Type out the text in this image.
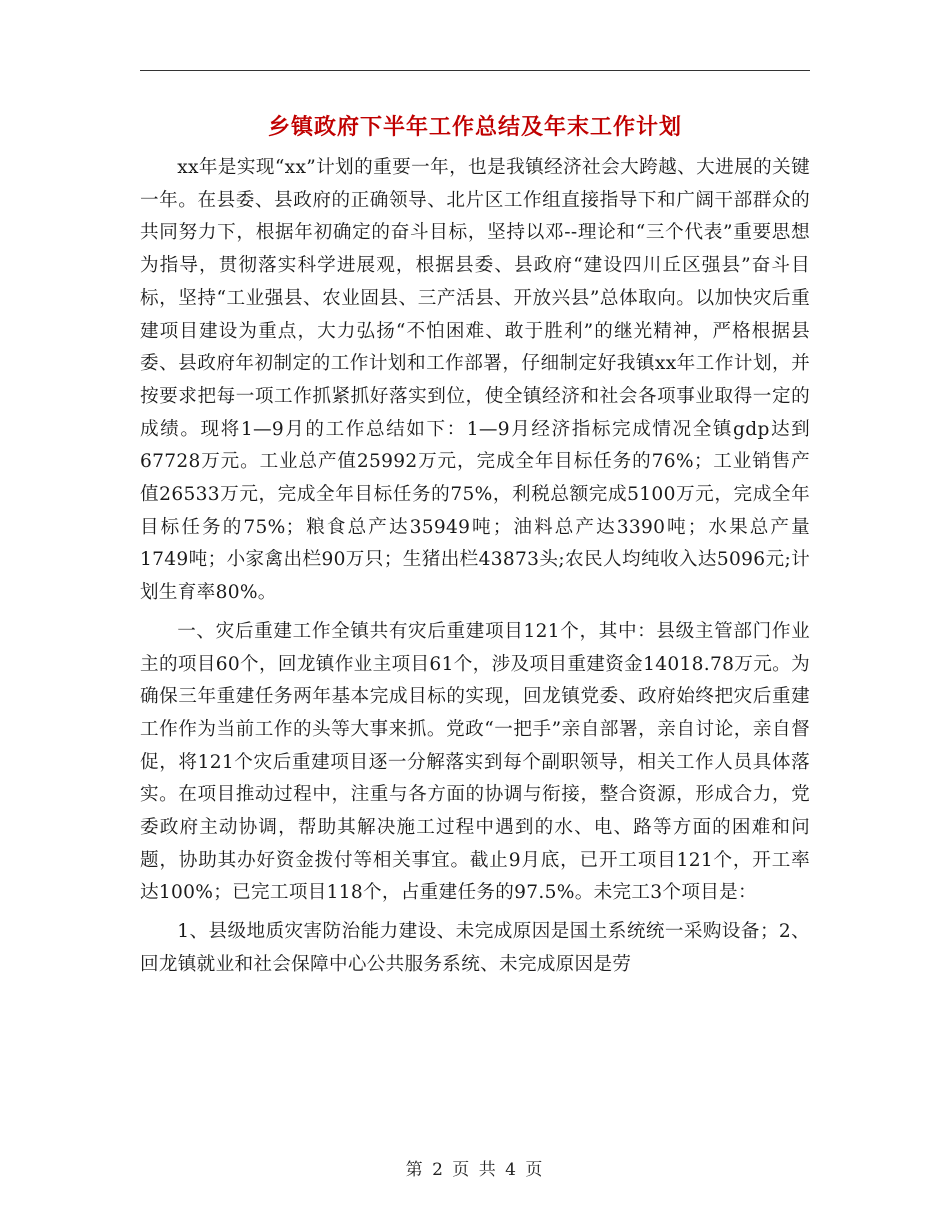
乡镇政府下半年工作总结及年末工作计划

xx年是实现“xx”计划的重要一年，也是我镇经济社会大跨越、大进展的关键一年。在县委、县政府的正确领导、北片区工作组直接指导下和广阔干部群众的共同努力下，根据年初确定的奋斗目标，坚持以邓--理论和“三个代表”重要思想为指导，贯彻落实科学进展观，根据县委、县政府“建设四川丘区强县”奋斗目标，坚持“工业强县、农业固县、三产活县、开放兴县”总体取向。以加快灾后重建项目建设为重点，大力弘扬“不怕困难、敢于胜利”的继光精神，严格根据县委、县政府年初制定的工作计划和工作部署，仔细制定好我镇xx年工作计划，并按要求把每一项工作抓紧抓好落实到位，使全镇经济和社会各项事业取得一定的成绩。现将1—9月的工作总结如下：1—9月经济指标完成情况全镇gdp达到67728万元。工业总产值25992万元，完成全年目标任务的76%；工业销售产值26533万元，完成全年目标任务的75%，利税总额完成5100万元，完成全年目标任务的75%；粮食总产达35949吨；油料总产达3390吨；水果总产量1749吨；小家禽出栏90万只；生猪出栏43873头;农民人均纯收入达5096元;计划生育率80%。

一、灾后重建工作全镇共有灾后重建项目121个，其中：县级主管部门作业主的项目60个，回龙镇作业主项目61个，涉及项目重建资金14018.78万元。为确保三年重建任务两年基本完成目标的实现，回龙镇党委、政府始终把灾后重建工作作为当前工作的头等大事来抓。党政“一把手”亲自部署，亲自讨论，亲自督促，将121个灾后重建项目逐一分解落实到每个副职领导，相关工作人员具体落实。在项目推动过程中，注重与各方面的协调与衔接，整合资源，形成合力，党委政府主动协调，帮助其解决施工过程中遇到的水、电、路等方面的困难和问题，协助其办好资金拨付等相关事宜。截止9月底，已开工项目121个，开工率达100%；已完工项目118个，占重建任务的97.5%。未完工3个项目是：

1、县级地质灾害防治能力建设、未完成原因是国土系统统一采购设备；2、回龙镇就业和社会保障中心公共服务系统、未完成原因是劳

第 2 页 共 4 页
